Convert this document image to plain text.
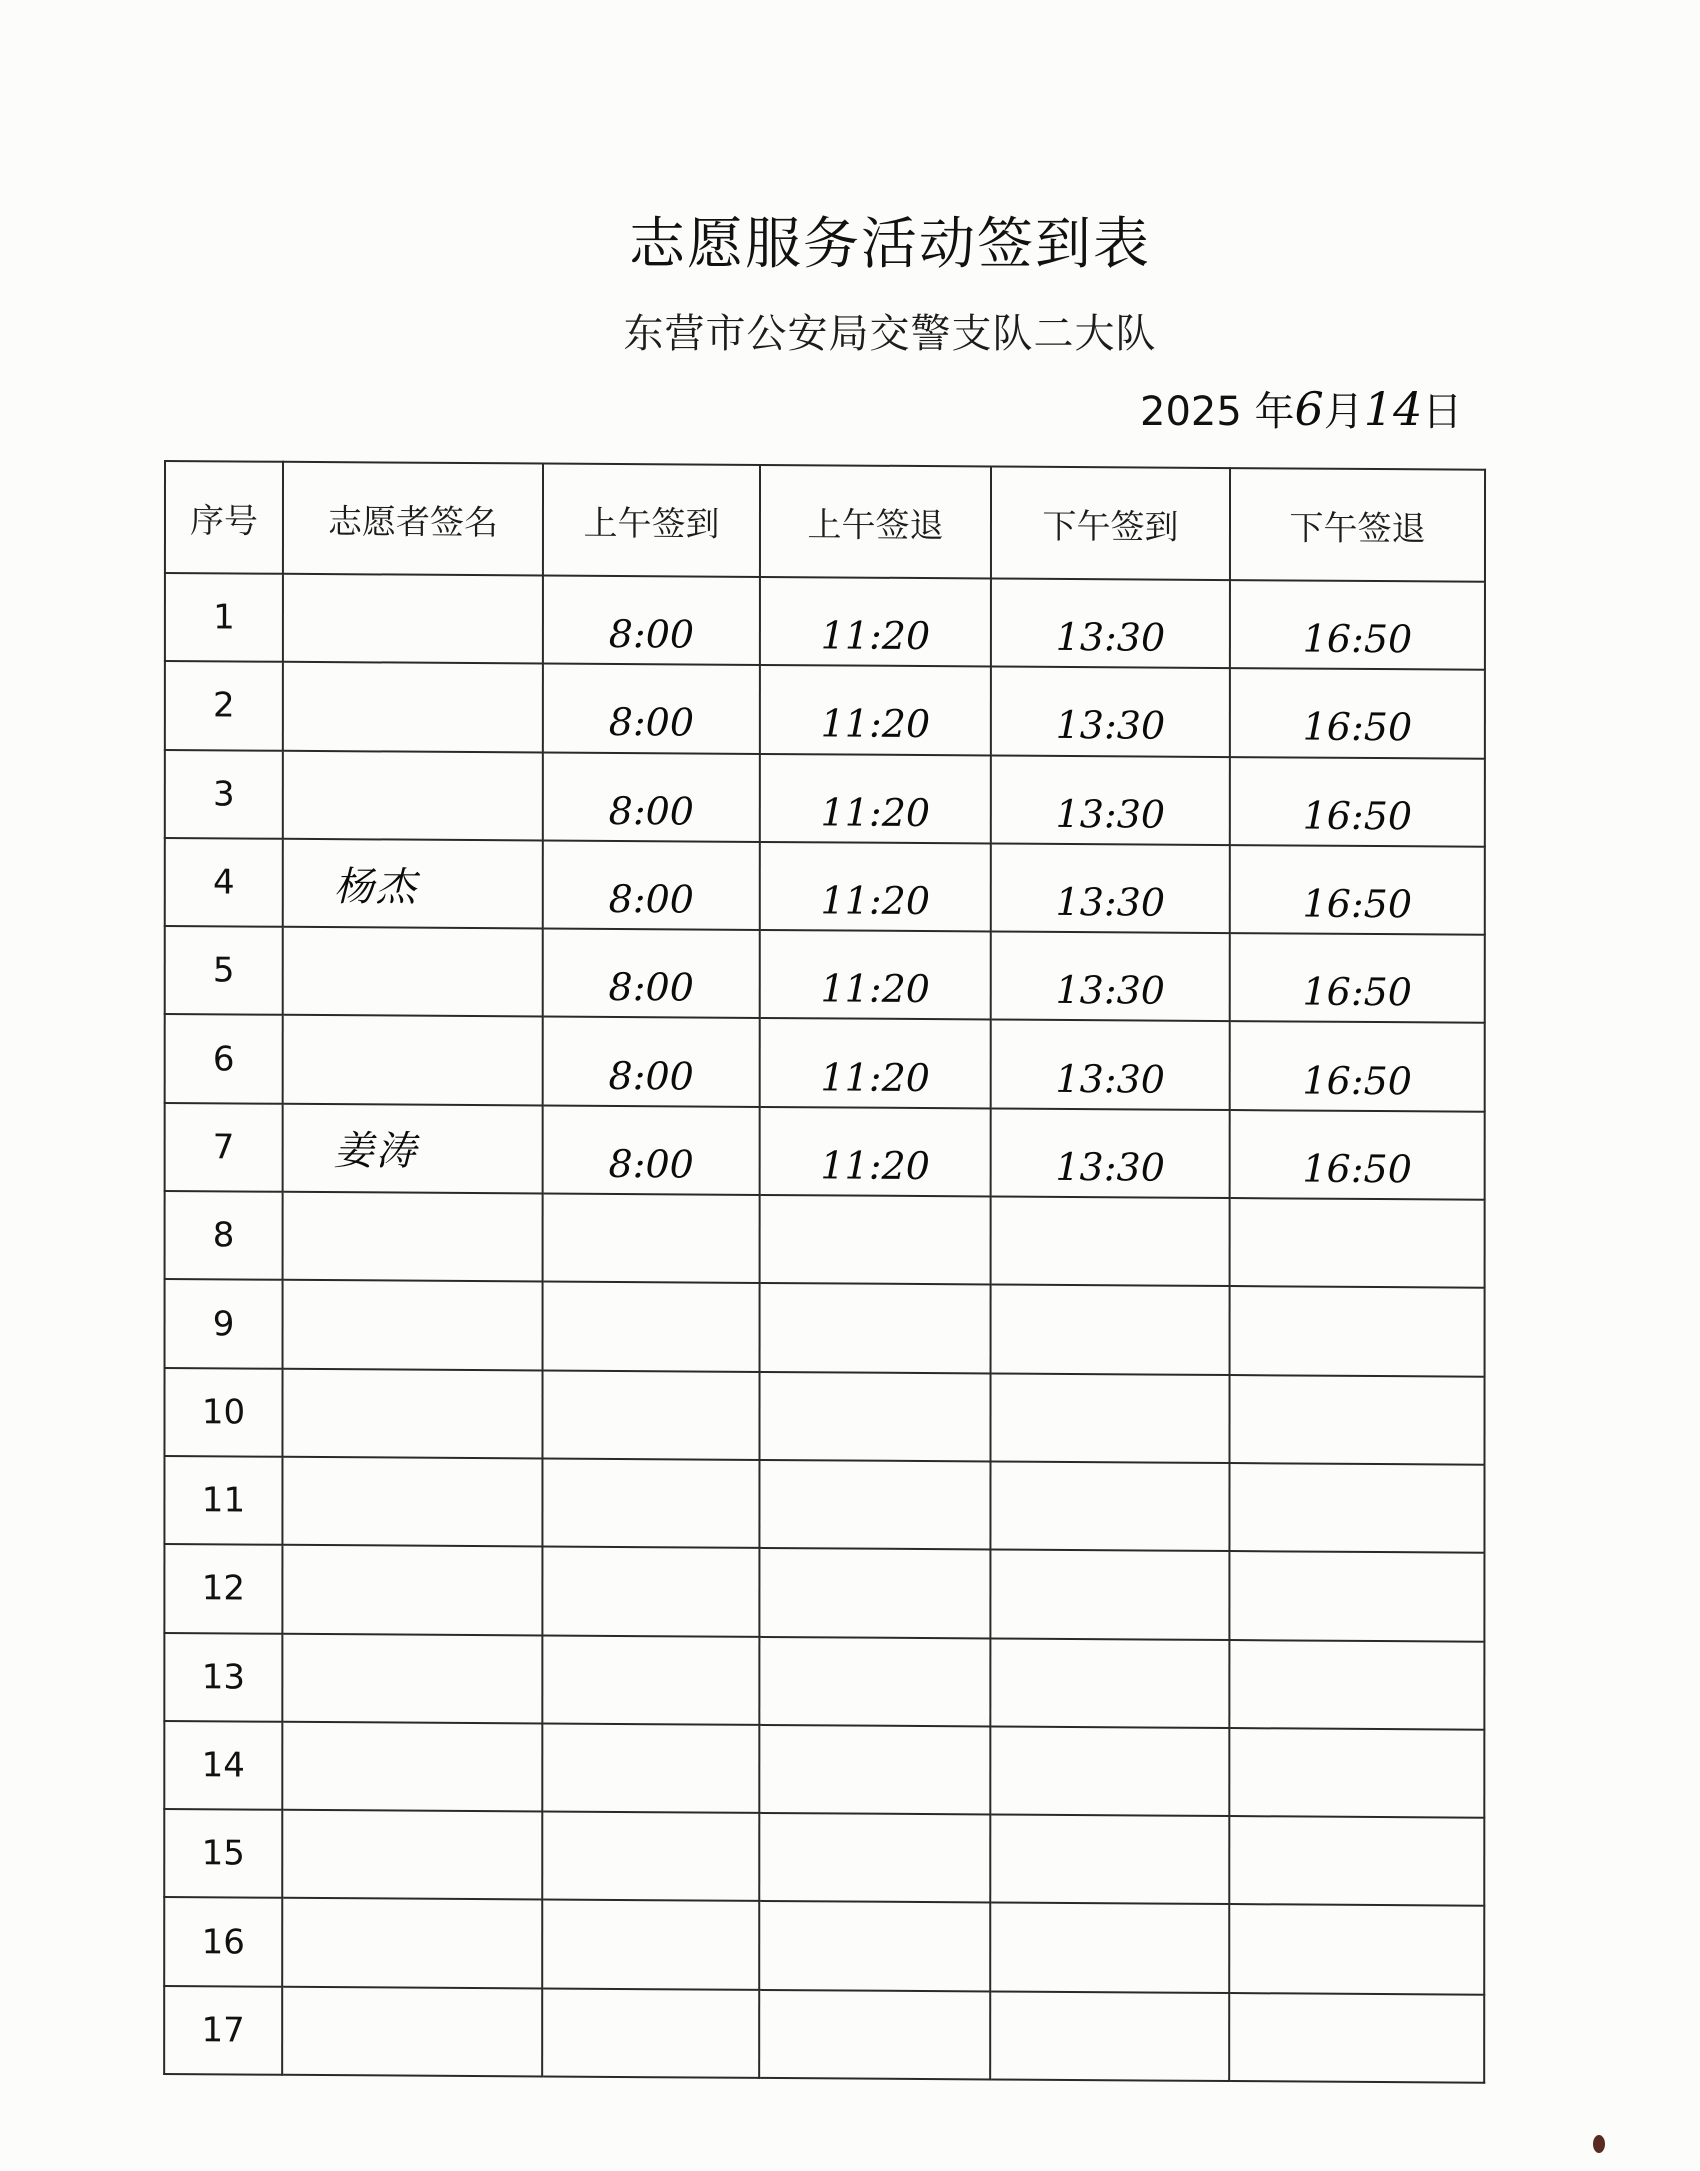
志愿服务活动签到表
东营市公安局交警支队二大队
2025 年6月14日
序号	志愿者签名	上午签到	上午签退	下午签到	下午签退
1		8:00	11:20	13:30	16:50
2		8:00	11:20	13:30	16:50
3		8:00	11:20	13:30	16:50
4	杨杰	8:00	11:20	13:30	16:50
5		8:00	11:20	13:30	16:50
6		8:00	11:20	13:30	16:50
7	姜涛	8:00	11:20	13:30	16:50
8					
9					
10					
11					
12					
13					
14					
15					
16					
17					
